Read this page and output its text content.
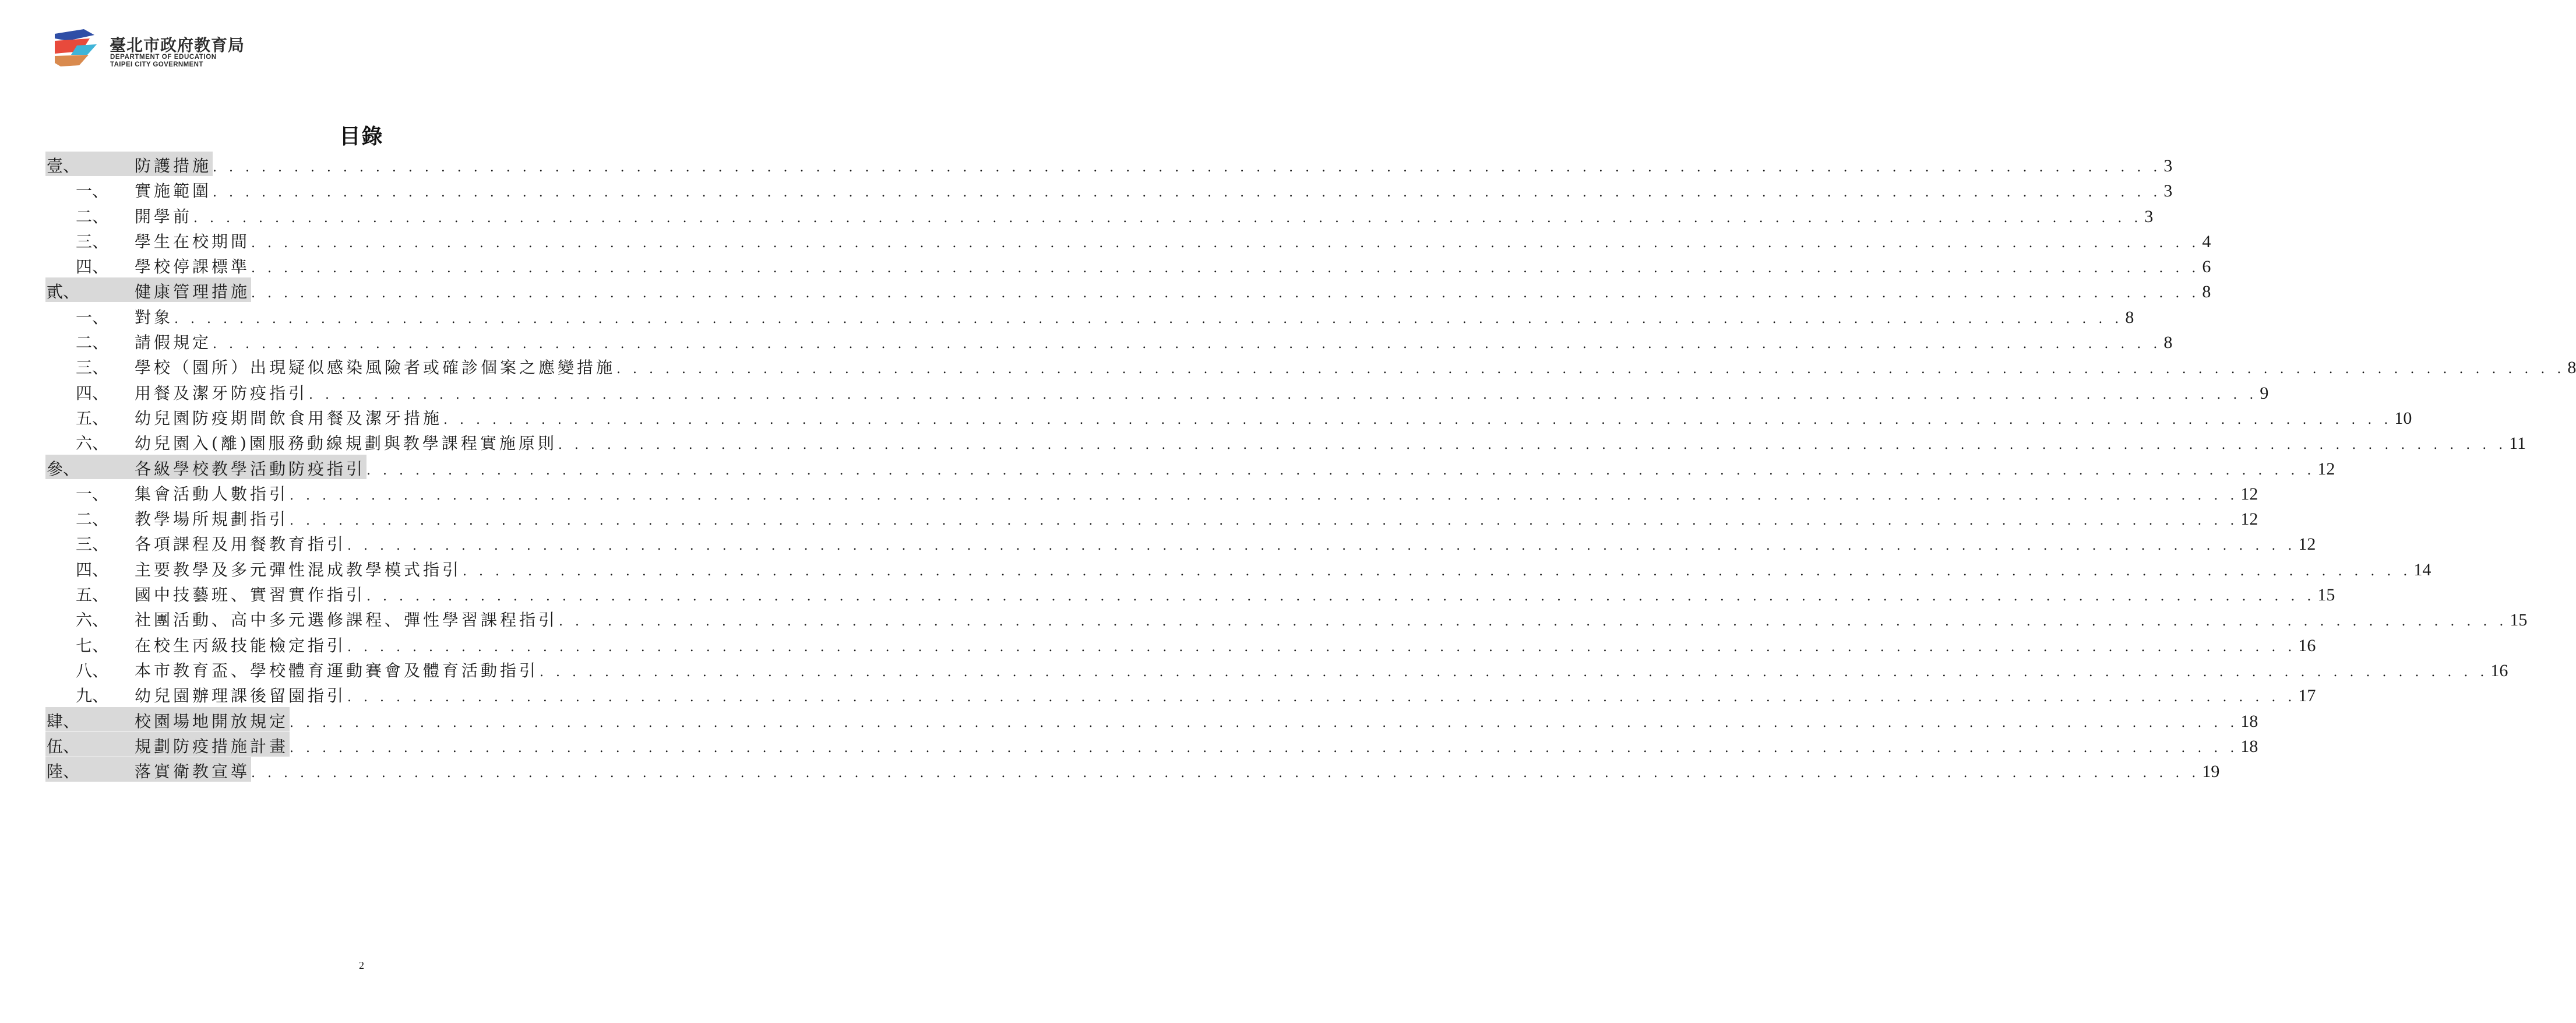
臺北市政府教育局
DEPARTMENT OF EDUCATION
TAIPEI CITY GOVERNMENT
目錄
壹、	防護措施 . . . . . . . . . . . . . . . . . . . . . . . . . . . . . . . . . . . . . . . . . . . . . . . . . . . . . . . . . . . . . . . . . . . . . . . . . . . . . . . . . . . . . . . . . . . . . . . . . . . . . . . . . . . . . . . . . . . . . . . . 3
一、 實施範圍 . . . . . . . . . . . . . . . . . . . . . . . . . . . . . . . . . . . . . . . . . . . . . . . . . . . . . . . . . . . . . . . . . . . . . . . . . . . . . . . . . . . . . . . . . . . . . . . . . . . . . . . . . . . . . . . . . . . . . . . . 3
二、 開學前 . . . . . . . . . . . . . . . . . . . . . . . . . . . . . . . . . . . . . . . . . . . . . . . . . . . . . . . . . . . . . . . . . . . . . . . . . . . . . . . . . . . . . . . . . . . . . . . . . . . . . . . . . . . . . . . . . . . . . . . . 3
三、 學生在校期間 . . . . . . . . . . . . . . . . . . . . . . . . . . . . . . . . . . . . . . . . . . . . . . . . . . . . . . . . . . . . . . . . . . . . . . . . . . . . . . . . . . . . . . . . . . . . . . . . . . . . . . . . . . . . . . . . . . . . . . . . 4
四、 學校停課標準 . . . . . . . . . . . . . . . . . . . . . . . . . . . . . . . . . . . . . . . . . . . . . . . . . . . . . . . . . . . . . . . . . . . . . . . . . . . . . . . . . . . . . . . . . . . . . . . . . . . . . . . . . . . . . . . . . . . . . . . . 6
貳、	健康管理措施 . . . . . . . . . . . . . . . . . . . . . . . . . . . . . . . . . . . . . . . . . . . . . . . . . . . . . . . . . . . . . . . . . . . . . . . . . . . . . . . . . . . . . . . . . . . . . . . . . . . . . . . . . . . . . . . . . . . . . . . . 8
一、 對象 . . . . . . . . . . . . . . . . . . . . . . . . . . . . . . . . . . . . . . . . . . . . . . . . . . . . . . . . . . . . . . . . . . . . . . . . . . . . . . . . . . . . . . . . . . . . . . . . . . . . . . . . . . . . . . . . . . . . . . . . 8
二、 請假規定 . . . . . . . . . . . . . . . . . . . . . . . . . . . . . . . . . . . . . . . . . . . . . . . . . . . . . . . . . . . . . . . . . . . . . . . . . . . . . . . . . . . . . . . . . . . . . . . . . . . . . . . . . . . . . . . . . . . . . . . . 8
三、 學校（園所）出現疑似感染風險者或確診個案之應變措施 . . . . . . . . . . . . . . . . . . . . . . . . . . . . . . . . . . . . . . . . . . . . . . . . . . . . . . . . . . . . . . . . . . . . . . . . . . . . . . . . . . . . . . . . . . . . . . . . . . . . . . . . . . . . . . . . . . . . . . . . 8
四、 用餐及潔牙防疫指引 . . . . . . . . . . . . . . . . . . . . . . . . . . . . . . . . . . . . . . . . . . . . . . . . . . . . . . . . . . . . . . . . . . . . . . . . . . . . . . . . . . . . . . . . . . . . . . . . . . . . . . . . . . . . . . . . . . . . . . . . 9
五、 幼兒園防疫期間飲食用餐及潔牙措施 . . . . . . . . . . . . . . . . . . . . . . . . . . . . . . . . . . . . . . . . . . . . . . . . . . . . . . . . . . . . . . . . . . . . . . . . . . . . . . . . . . . . . . . . . . . . . . . . . . . . . . . . . . . . . . . . . . . . . . . . 10
六、 幼兒園入(離)園服務動線規劃與教學課程實施原則 . . . . . . . . . . . . . . . . . . . . . . . . . . . . . . . . . . . . . . . . . . . . . . . . . . . . . . . . . . . . . . . . . . . . . . . . . . . . . . . . . . . . . . . . . . . . . . . . . . . . . . . . . . . . . . . . . . . . . . . . 11
參、	各級學校教學活動防疫指引 . . . . . . . . . . . . . . . . . . . . . . . . . . . . . . . . . . . . . . . . . . . . . . . . . . . . . . . . . . . . . . . . . . . . . . . . . . . . . . . . . . . . . . . . . . . . . . . . . . . . . . . . . . . . . . . . . . . . . . . . 12
一、 集會活動人數指引 . . . . . . . . . . . . . . . . . . . . . . . . . . . . . . . . . . . . . . . . . . . . . . . . . . . . . . . . . . . . . . . . . . . . . . . . . . . . . . . . . . . . . . . . . . . . . . . . . . . . . . . . . . . . . . . . . . . . . . . . 12
二、 教學場所規劃指引 . . . . . . . . . . . . . . . . . . . . . . . . . . . . . . . . . . . . . . . . . . . . . . . . . . . . . . . . . . . . . . . . . . . . . . . . . . . . . . . . . . . . . . . . . . . . . . . . . . . . . . . . . . . . . . . . . . . . . . . . 12
三、 各項課程及用餐教育指引 . . . . . . . . . . . . . . . . . . . . . . . . . . . . . . . . . . . . . . . . . . . . . . . . . . . . . . . . . . . . . . . . . . . . . . . . . . . . . . . . . . . . . . . . . . . . . . . . . . . . . . . . . . . . . . . . . . . . . . . . 12
四、 主要教學及多元彈性混成教學模式指引 . . . . . . . . . . . . . . . . . . . . . . . . . . . . . . . . . . . . . . . . . . . . . . . . . . . . . . . . . . . . . . . . . . . . . . . . . . . . . . . . . . . . . . . . . . . . . . . . . . . . . . . . . . . . . . . . . . . . . . . . 14
五、 國中技藝班、實習實作指引 . . . . . . . . . . . . . . . . . . . . . . . . . . . . . . . . . . . . . . . . . . . . . . . . . . . . . . . . . . . . . . . . . . . . . . . . . . . . . . . . . . . . . . . . . . . . . . . . . . . . . . . . . . . . . . . . . . . . . . . . 15
六、 社團活動、高中多元選修課程、彈性學習課程指引 . . . . . . . . . . . . . . . . . . . . . . . . . . . . . . . . . . . . . . . . . . . . . . . . . . . . . . . . . . . . . . . . . . . . . . . . . . . . . . . . . . . . . . . . . . . . . . . . . . . . . . . . . . . . . . . . . . . . . . . . 15
七、 在校生丙級技能檢定指引 . . . . . . . . . . . . . . . . . . . . . . . . . . . . . . . . . . . . . . . . . . . . . . . . . . . . . . . . . . . . . . . . . . . . . . . . . . . . . . . . . . . . . . . . . . . . . . . . . . . . . . . . . . . . . . . . . . . . . . . . 16
八、 本市教育盃、學校體育運動賽會及體育活動指引 . . . . . . . . . . . . . . . . . . . . . . . . . . . . . . . . . . . . . . . . . . . . . . . . . . . . . . . . . . . . . . . . . . . . . . . . . . . . . . . . . . . . . . . . . . . . . . . . . . . . . . . . . . . . . . . . . . . . . . . . 16
九、 幼兒園辦理課後留園指引 . . . . . . . . . . . . . . . . . . . . . . . . . . . . . . . . . . . . . . . . . . . . . . . . . . . . . . . . . . . . . . . . . . . . . . . . . . . . . . . . . . . . . . . . . . . . . . . . . . . . . . . . . . . . . . . . . . . . . . . . 17
肆、	校園場地開放規定 . . . . . . . . . . . . . . . . . . . . . . . . . . . . . . . . . . . . . . . . . . . . . . . . . . . . . . . . . . . . . . . . . . . . . . . . . . . . . . . . . . . . . . . . . . . . . . . . . . . . . . . . . . . . . . . . . . . . . . . . 18
伍、	規劃防疫措施計畫 . . . . . . . . . . . . . . . . . . . . . . . . . . . . . . . . . . . . . . . . . . . . . . . . . . . . . . . . . . . . . . . . . . . . . . . . . . . . . . . . . . . . . . . . . . . . . . . . . . . . . . . . . . . . . . . . . . . . . . . . 18
陸、	落實衛教宣導 . . . . . . . . . . . . . . . . . . . . . . . . . . . . . . . . . . . . . . . . . . . . . . . . . . . . . . . . . . . . . . . . . . . . . . . . . . . . . . . . . . . . . . . . . . . . . . . . . . . . . . . . . . . . . . . . . . . . . . . . 19
2
